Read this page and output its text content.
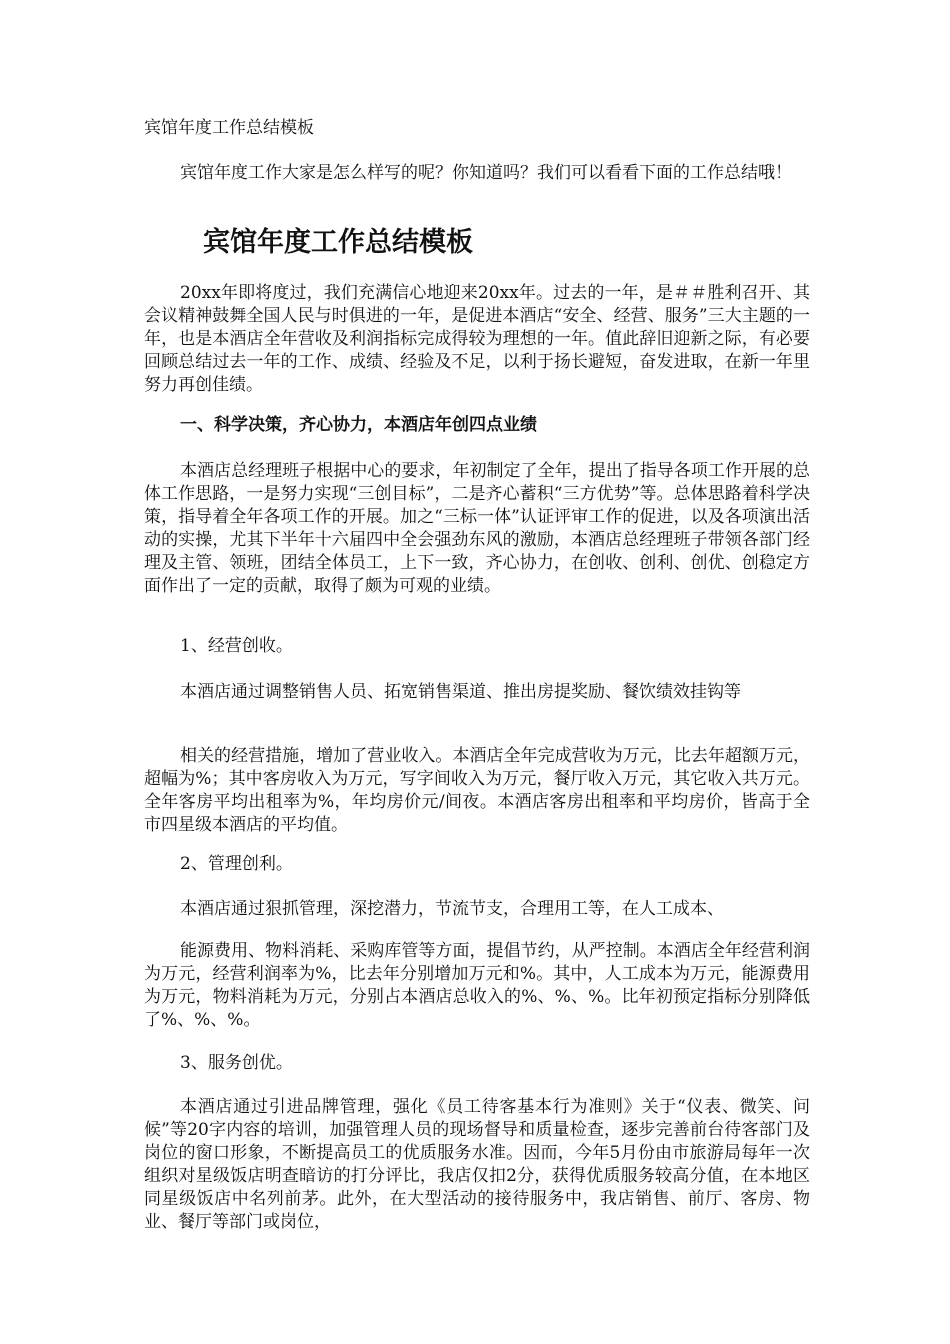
宾馆年度工作总结模板

宾馆年度工作大家是怎么样写的呢？你知道吗？我们可以看看下面的工作总结哦！

宾馆年度工作总结模板

20xx年即将度过，我们充满信心地迎来20xx年。过去的一年，是＃＃胜利召开、其会议精神鼓舞全国人民与时俱进的一年，是促进本酒店“安全、经营、服务”三大主题的一年，也是本酒店全年营收及利润指标完成得较为理想的一年。值此辞旧迎新之际，有必要回顾总结过去一年的工作、成绩、经验及不足，以利于扬长避短，奋发进取，在新一年里努力再创佳绩。

一、科学决策，齐心协力，本酒店年创四点业绩

本酒店总经理班子根据中心的要求，年初制定了全年，提出了指导各项工作开展的总体工作思路，一是努力实现“三创目标”，二是齐心蓄积“三方优势”等。总体思路着科学决策，指导着全年各项工作的开展。加之“三标一体”认证评审工作的促进，以及各项演出活动的实操，尤其下半年十六届四中全会强劲东风的激励，本酒店总经理班子带领各部门经理及主管、领班，团结全体员工，上下一致，齐心协力，在创收、创利、创优、创稳定方面作出了一定的贡献，取得了颇为可观的业绩。

1、经营创收。

本酒店通过调整销售人员、拓宽销售渠道、推出房提奖励、餐饮绩效挂钩等

相关的经营措施，增加了营业收入。本酒店全年完成营收为万元，比去年超额万元，超幅为%；其中客房收入为万元，写字间收入为万元，餐厅收入万元，其它收入共万元。全年客房平均出租率为%，年均房价元/间夜。本酒店客房出租率和平均房价，皆高于全市四星级本酒店的平均值。

2、管理创利。

本酒店通过狠抓管理，深挖潜力，节流节支，合理用工等，在人工成本、

能源费用、物料消耗、采购库管等方面，提倡节约，从严控制。本酒店全年经营利润为万元，经营利润率为%，比去年分别增加万元和%。其中，人工成本为万元，能源费用为万元，物料消耗为万元，分别占本酒店总收入的%、%、%。比年初预定指标分别降低了%、%、%。

3、服务创优。

本酒店通过引进品牌管理，强化《员工待客基本行为准则》关于“仪表、微笑、问候”等20字内容的培训，加强管理人员的现场督导和质量检查，逐步完善前台待客部门及岗位的窗口形象，不断提高员工的优质服务水准。因而，今年5月份由市旅游局每年一次组织对星级饭店明查暗访的打分评比，我店仅扣2分，获得优质服务较高分值，在本地区同星级饭店中名列前茅。此外，在大型活动的接待服务中，我店销售、前厅、客房、物业、餐厅等部门或岗位，
